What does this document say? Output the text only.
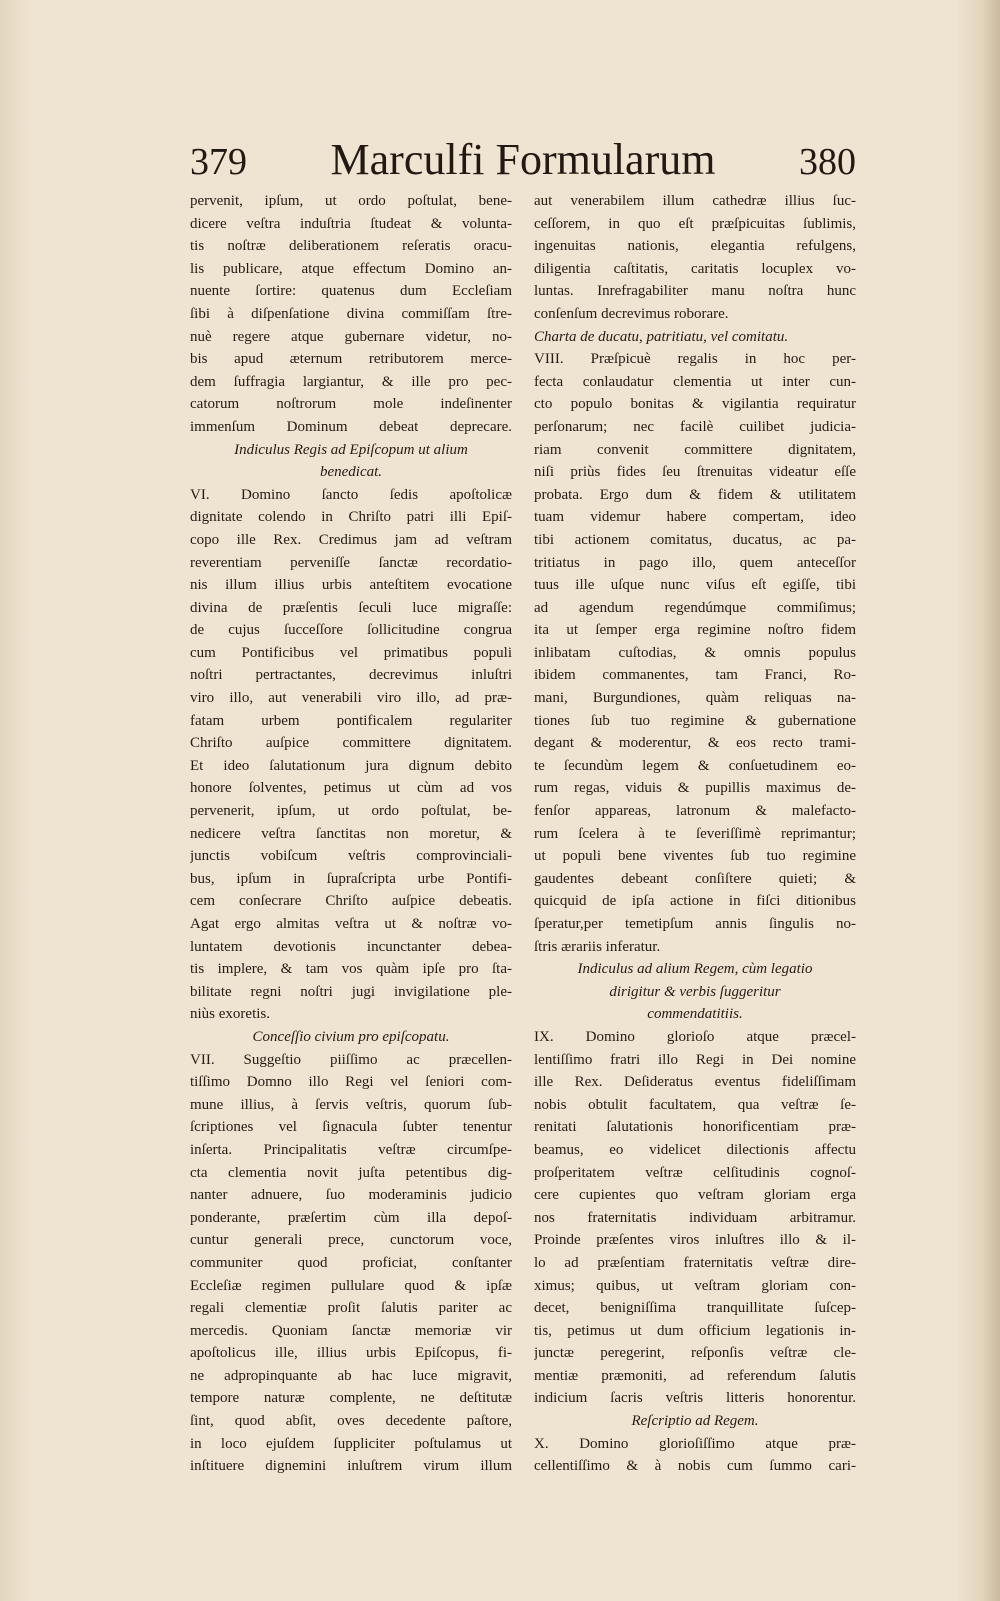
379	Marculfi Formularum	380
pervenit, ipſum, ut ordo poſtulat, bene-
dicere veſtra induſtria ſtudeat & volunta-
tis noſtræ deliberationem reſeratis oracu-
lis publicare, atque effectum Domino an-
nuente ſortire: quatenus dum Eccleſiam
ſibi à diſpenſatione divina commiſſam ſtre-
nuè regere atque gubernare videtur, no-
bis apud æternum retributorem merce-
dem ſuffragia largiantur, & ille pro pec-
catorum noſtrorum mole indeſinenter
immenſum Dominum debeat deprecare.
Indiculus Regis ad Epiſcopum ut alium
benedicat.
VI. Domino ſancto ſedis apoſtolicæ
dignitate colendo in Chriſto patri illi Epiſ-
copo ille Rex. Credimus jam ad veſtram
reverentiam perveniſſe ſanctæ recordatio-
nis illum illius urbis anteſtitem evocatione
divina de præſentis ſeculi luce migraſſe:
de cujus ſucceſſore ſollicitudine congrua
cum Pontificibus vel primatibus populi
noſtri pertractantes, decrevimus inluſtri
viro illo, aut venerabili viro illo, ad præ-
fatam urbem pontificalem regulariter
Chriſto auſpice committere dignitatem.
Et ideo ſalutationum jura dignum debito
honore ſolventes, petimus ut cùm ad vos
pervenerit, ipſum, ut ordo poſtulat, be-
nedicere veſtra ſanctitas non moretur, &
junctis vobiſcum veſtris comprovinciali-
bus, ipſum in ſupraſcripta urbe Pontifi-
cem conſecrare Chriſto auſpice debeatis.
Agat ergo almitas veſtra ut & noſtræ vo-
luntatem devotionis incunctanter debea-
tis implere, & tam vos quàm ipſe pro ſta-
bilitate regni noſtri jugi invigilatione ple-
niùs exoretis.
Conceſſio civium pro epiſcopatu.
VII. Suggeſtio piiſſimo ac præcellen-
tiſſimo Domno illo Regi vel ſeniori com-
mune illius, à ſervis veſtris, quorum ſub-
ſcriptiones vel ſignacula ſubter tenentur
inſerta. Principalitatis veſtræ circumſpe-
cta clementia novit juſta petentibus dig-
nanter adnuere, ſuo moderaminis judicio
ponderante, præſertim cùm illa depoſ-
cuntur generali prece, cunctorum voce,
communiter quod proficiat, conſtanter
Eccleſiæ regimen pullulare quod & ipſæ
regali clementiæ proſit ſalutis pariter ac
mercedis. Quoniam ſanctæ memoriæ vir
apoſtolicus ille, illius urbis Epiſcopus, fi-
ne adpropinquante ab hac luce migravit,
tempore naturæ complente, ne deſtitutæ
ſint, quod abſit, oves decedente paſtore,
in loco ejuſdem ſuppliciter poſtulamus ut
inſtituere dignemini inluſtrem virum illum
aut venerabilem illum cathedræ illius ſuc-
ceſſorem, in quo eſt præſpicuitas ſublimis,
ingenuitas nationis, elegantia refulgens,
diligentia caſtitatis, caritatis locuplex vo-
luntas. Inrefragabiliter manu noſtra hunc
conſenſum decrevimus roborare.
Charta de ducatu, patritiatu, vel comitatu.
VIII. Præſpicuè regalis in hoc per-
fecta conlaudatur clementia ut inter cun-
cto populo bonitas & vigilantia requiratur
perſonarum; nec facilè cuilibet judicia-
riam convenit committere dignitatem,
niſi priùs fides ſeu ſtrenuitas videatur eſſe
probata. Ergo dum & fidem & utilitatem
tuam videmur habere compertam, ideo
tibi actionem comitatus, ducatus, ac pa-
tritiatus in pago illo, quem anteceſſor
tuus ille uſque nunc viſus eſt egiſſe, tibi
ad agendum regendúmque commiſimus;
ita ut ſemper erga regimine noſtro fidem
inlibatam cuſtodias, & omnis populus
ibidem commanentes, tam Franci, Ro-
mani, Burgundiones, quàm reliquas na-
tiones ſub tuo regimine & gubernatione
degant & moderentur, & eos recto trami-
te ſecundùm legem & conſuetudinem eo-
rum regas, viduis & pupillis maximus de-
fenſor appareas, latronum & malefacto-
rum ſcelera à te ſeveriſſimè reprimantur;
ut populi bene viventes ſub tuo regimine
gaudentes debeant conſiſtere quieti; &
quicquid de ipſa actione in fiſci ditionibus
ſperatur,per temetipſum annis ſingulis no-
ſtris ærariis inferatur.
Indiculus ad alium Regem, cùm legatio
dirigitur & verbis ſuggeritur
commendatitiis.
IX. Domino glorioſo atque præcel-
lentiſſimo fratri illo Regi in Dei nomine
ille Rex. Deſideratus eventus fideliſſimam
nobis obtulit facultatem, qua veſtræ ſe-
renitati ſalutationis honorificentiam præ-
beamus, eo videlicet dilectionis affectu
proſperitatem veſtræ celſitudinis cognoſ-
cere cupientes quo veſtram gloriam erga
nos fraternitatis individuam arbitramur.
Proinde præſentes viros inluſtres illo & il-
lo ad præſentiam fraternitatis veſtræ dire-
ximus; quibus, ut veſtram gloriam con-
decet, benigniſſima tranquillitate ſuſcep-
tis, petimus ut dum officium legationis in-
junctæ peregerint, reſponſis veſtræ cle-
mentiæ præmoniti, ad referendum ſalutis
indicium ſacris veſtris litteris honorentur.
Reſcriptio ad Regem.
X. Domino glorioſiſſimo atque præ-
cellentiſſimo & à nobis cum ſummo cari-
